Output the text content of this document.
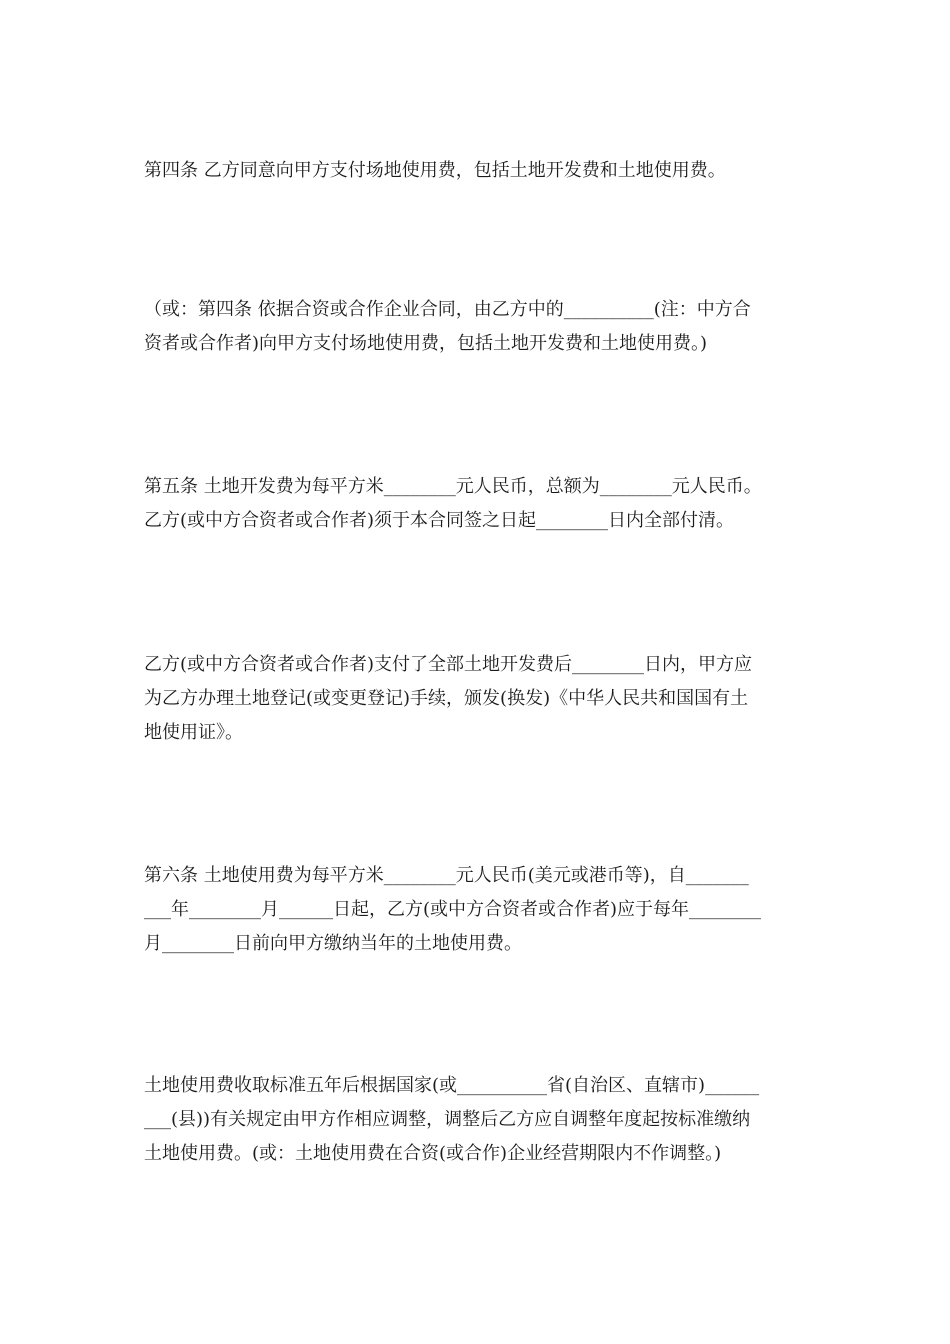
第四条 乙方同意向甲方支付场地使用费，包括土地开发费和土地使用费。
（或：第四条 依据合资或合作企业合同，由乙方中的__________(注：中方合
资者或合作者)向甲方支付场地使用费，包括土地开发费和土地使用费。)
第五条 土地开发费为每平方米________元人民币，总额为________元人民币。
乙方(或中方合资者或合作者)须于本合同签之日起________日内全部付清。
乙方(或中方合资者或合作者)支付了全部土地开发费后________日内，甲方应
为乙方办理土地登记(或变更登记)手续，颁发(换发)《中华人民共和国国有土
地使用证》。
第六条 土地使用费为每平方米________元人民币(美元或港币等)，自_______
___年________月______日起，乙方(或中方合资者或合作者)应于每年________
月________日前向甲方缴纳当年的土地使用费。
土地使用费收取标准五年后根据国家(或__________省(自治区、直辖市)______
___(县))有关规定由甲方作相应调整，调整后乙方应自调整年度起按标准缴纳
土地使用费。(或：土地使用费在合资(或合作)企业经营期限内不作调整。)
